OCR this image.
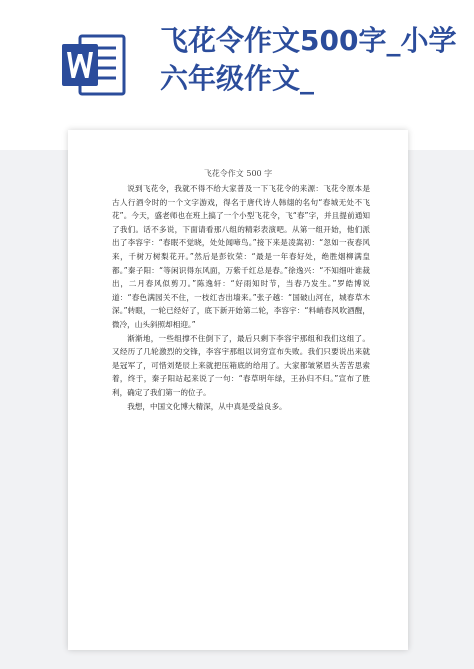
飞花令作文500字_小学六年级作文_
飞花令作文 500 字

说到飞花令，我就不得不给大家普及一下飞花令的来源：飞花令原本是古人行酒令时的一个文字游戏，得名于唐代诗人韩翃的名句“春城无处不飞花”。今天，盛老师也在班上搞了一个小型飞花令，飞“春”字，并且提前通知了我们。话不多说，下面请看那八组的精彩表演吧。从第一组开始，他们派出了李容宇：“春眠不觉晓，处处闻啼鸟。”接下来是凌嵩初：“忽如一夜春风来，千树万树梨花开。”然后是彭钦荣：“最是一年春好处，绝胜烟柳满皇都。”秦子阳：“等闲识得东风面，万紫千红总是春。”徐逸兴：“不知细叶谁裁出，二月春风似剪刀。”陈逸轩：“好雨知时节，当春乃发生。”罗皓博说道：“春色满园关不住，一枝红杏出墙来。”张子越：“国破山河在，城春草木深。”转眼，一轮已经好了，底下新开始第二轮，李容宇：“料峭春风吹酒醒，微冷，山头斜照却相迎。”

渐渐地，一些组撑不住倒下了，最后只剩下李容宇那组和我们这组了。又经历了几轮激烈的交锋，李容宇那组以词穷宣布失败。我们只要说出来就是冠军了，可惜刘楚辰上来就把压箱底的给用了。大家都皱紧眉头苦苦思索着，终于，秦子阳站起来说了一句：“春草明年绿，王孙归不归。”宣布了胜利，确定了我们第一的位子。

我想，中国文化博大精深，从中真是受益良多。
